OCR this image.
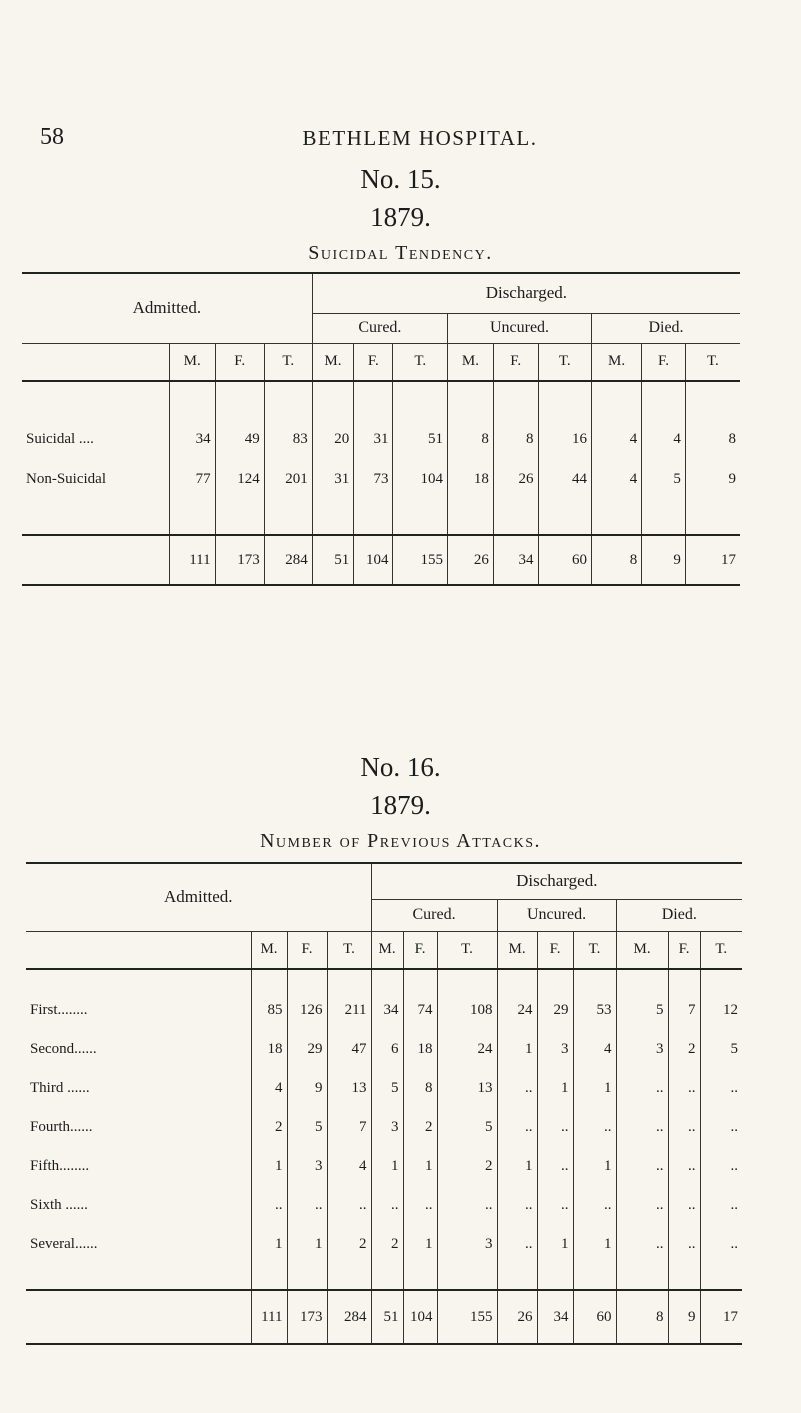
58	BETHLEM HOSPITAL.
No. 15.
1879.
Suicidal Tendency.
Admitted.				Discharged.								
				Cured.			Uncured.			Died.		
	M.	F.	T.	M.	F.	T.	M.	F.	T.	M.	F.	T.

Suicidal ....	34	49	83	20	31	51	8	8	16	4	4	8
Non-Suicidal	77	124	201	31	73	104	18	26	44	4	5	9

	111	173	284	51	104	155	26	34	60	8	9	17
No. 16.
1879.
Number of Previous Attacks.
Admitted.				Discharged.								
				Cured.			Uncured.			Died.		
	M.	F.	T.	M.	F.	T.	M.	F.	T.	M.	F.	T.

First........	85	126	211	34	74	108	24	29	53	5	7	12
Second......	18	29	47	6	18	24	1	3	4	3	2	5
Third ......	4	9	13	5	8	13	..	1	1	..	..	..
Fourth......	2	5	7	3	2	5	..	..	..	..	..	..
Fifth........	1	3	4	1	1	2	1	..	1	..	..	..
Sixth ......	..	..	..	..	..	..	..	..	..	..	..	..
Several......	1	1	2	2	1	3	..	1	1	..	..	..

	111	173	284	51	104	155	26	34	60	8	9	17
